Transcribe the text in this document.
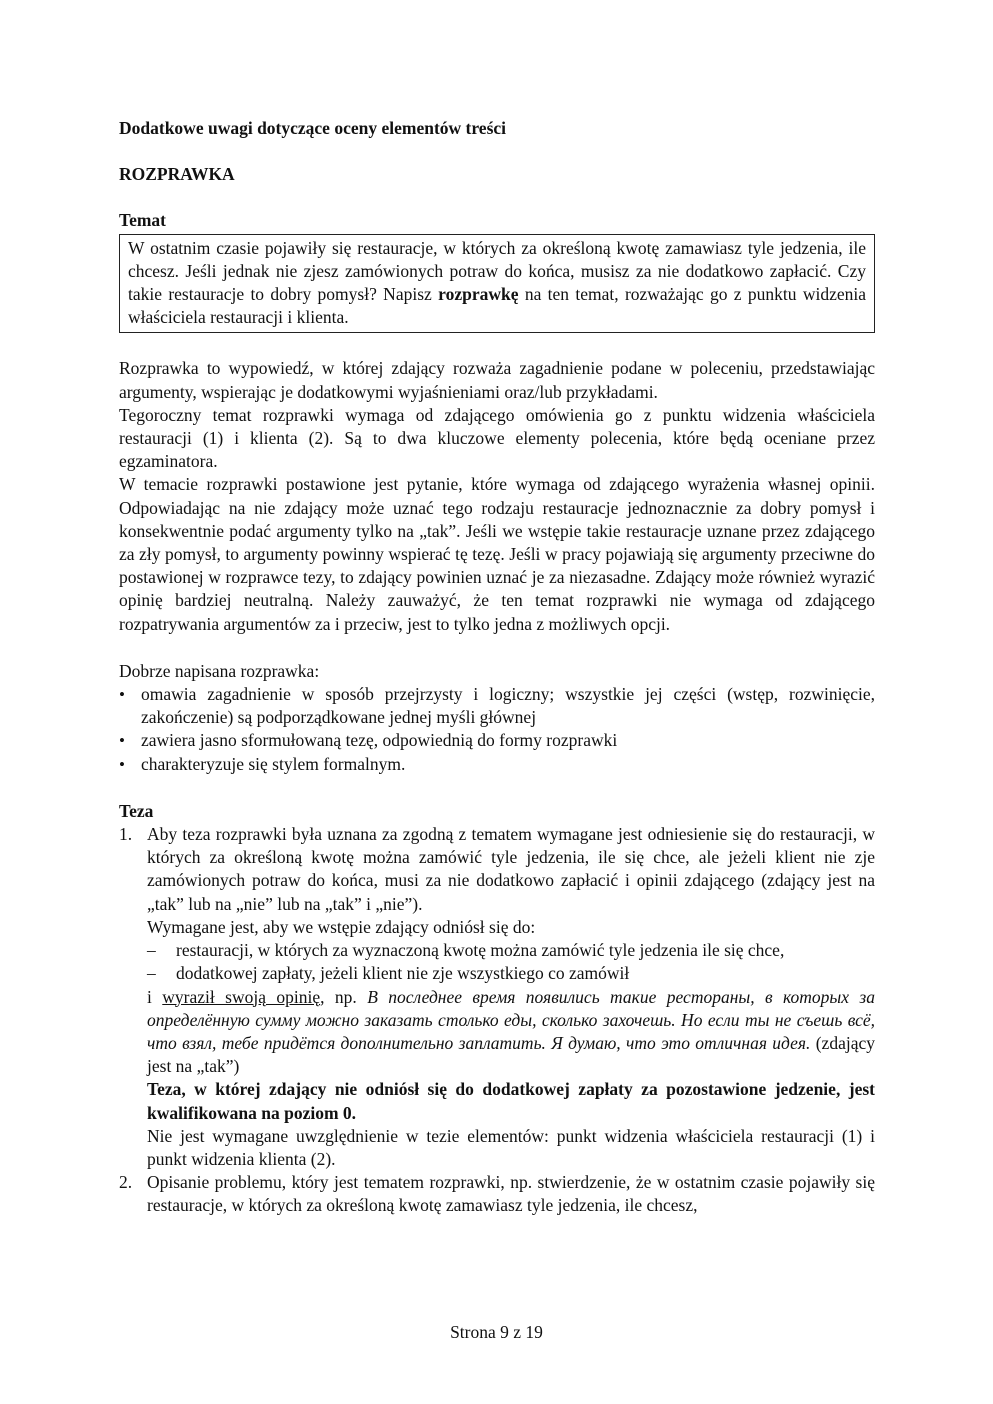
Dodatkowe uwagi dotyczące oceny elementów treści

ROZPRAWKA

Temat

W ostatnim czasie pojawiły się restauracje, w których za określoną kwotę zamawiasz tyle jedzenia, ile chcesz. Jeśli jednak nie zjesz zamówionych potraw do końca, musisz za nie dodatkowo zapłacić. Czy takie restauracje to dobry pomysł? Napisz rozprawkę na ten temat, rozważając go z punktu widzenia właściciela restauracji i klienta.

Rozprawka to wypowiedź, w której zdający rozważa zagadnienie podane w poleceniu, przedstawiając argumenty, wspierając je dodatkowymi wyjaśnieniami oraz/lub przykładami.

Tegoroczny temat rozprawki wymaga od zdającego omówienia go z punktu widzenia właściciela restauracji (1) i klienta (2). Są to dwa kluczowe elementy polecenia, które będą oceniane przez egzaminatora.

W temacie rozprawki postawione jest pytanie, które wymaga od zdającego wyrażenia własnej opinii. Odpowiadając na nie zdający może uznać tego rodzaju restauracje jednoznacznie za dobry pomysł i konsekwentnie podać argumenty tylko na „tak”. Jeśli we wstępie takie restauracje uznane przez zdającego za zły pomysł, to argumenty powinny wspierać tę tezę. Jeśli w pracy pojawiają się argumenty przeciwne do postawionej w rozprawce tezy, to zdający powinien uznać je za niezasadne. Zdający może również wyrazić opinię bardziej neutralną. Należy zauważyć, że ten temat rozprawki nie wymaga od zdającego rozpatrywania argumentów za i przeciw, jest to tylko jedna z możliwych opcji.

Dobrze napisana rozprawka:

• omawia zagadnienie w sposób przejrzysty i logiczny; wszystkie jej części (wstęp, rozwinięcie, zakończenie) są podporządkowane jednej myśli głównej
• zawiera jasno sformułowaną tezę, odpowiednią do formy rozprawki
• charakteryzuje się stylem formalnym.

Teza

1. Aby teza rozprawki była uznana za zgodną z tematem wymagane jest odniesienie się do restauracji, w których za określoną kwotę można zamówić tyle jedzenia, ile się chce, ale jeżeli klient nie zje zamówionych potraw do końca, musi za nie dodatkowo zapłacić i opinii zdającego (zdający jest na „tak” lub na „nie” lub na „tak” i „nie”).

Wymagane jest, aby we wstępie zdający odniósł się do:

– restauracji, w których za wyznaczoną kwotę można zamówić tyle jedzenia ile się chce,
– dodatkowej zapłaty, jeżeli klient nie zje wszystkiego co zamówił

i wyraził swoją opinię, np. В последнее время появились такие рестораны, в которых за определённую сумму можно заказать столько еды, сколько захочешь. Но если ты не съешь всё, что взял, тебе придётся дополнительно заплатить. Я думаю, что это отличная идея. (zdający jest na „tak”)

Teza, w której zdający nie odniósł się do dodatkowej zapłaty za pozostawione jedzenie, jest kwalifikowana na poziom 0.

Nie jest wymagane uwzględnienie w tezie elementów: punkt widzenia właściciela restauracji (1) i punkt widzenia klienta (2).

2. Opisanie problemu, który jest tematem rozprawki, np. stwierdzenie, że w ostatnim czasie pojawiły się restauracje, w których za określoną kwotę zamawiasz tyle jedzenia, ile chcesz,

Strona 9 z 19
